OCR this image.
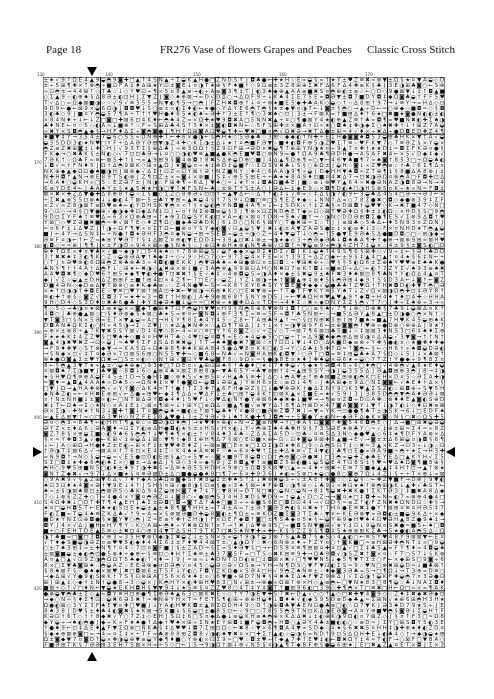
Page 18	FR276 Vase of flowers Grapes and Peaches Classic Cross Stitch
130	140	150	160	170
370
380
390
400
410
420
± ★ √ 9 ↑ Ω E 4 ▲ 9 ◒ ◓ 9 ◙ ✚ □ ▲ ↑ 4 S N ▲ ÷ Σ ◒ K ▲ H ● □ Z N D S Y J ◘ ♣ ● ← ✚ ★ H ☆ E ∞ ◒ § ≈ † ★ Y ± ♥ Z ≡ ✖ ≈ ⊗ ▼ ± Ω § ★ ¤ ▼ A ◒ ◇ D
± ÷ 5 ⊞ ¶ ✚ × ↑ ⊗ ◓ ÷ ■ ⊡ F A ‡ ♦ ∆ ⊞ ★ Y ⊡ ± ◙ E ↓ ¤ ◑ T ★ ⊕ § F ♦ ■ † ◇ 9 ⊡ ≡ ± 3 Z 8 ⊞ ⊕ Σ ✖ F ∆ 6 F ∆ 4 ✚ ≡ K § ♣ J 3 E ◑ ⊞ ♣ ◙ ○ ← S ⊗
∞ ⊡ ◓ ± → 4 4 ⊞ ↑ ◇ T ♣ ☆ ↓ ◇ Y ♥ ⊡ ÷ ¶ ∞ 5 ¤ 8 ▲ ≡ → ◐ ÷ A ≡ ◙ 3 ¶ ‡ T J ◐ 3 ♠ ◆ ⊕ ▲ A A ≡ ■ ✖ S ¤ ◓ ⊕ ◐ ± ≡ ☆ ← ○ D ◇ 9 ● ⊠ ▼ ↓ ‡ ↑ ◘ ▲ ■
◇ Σ ▲ 9 ☆ ◐ ⊕ ♠ § ∆ 8 Ə ± ◐ ⊡ H J Σ ▼ Z J ◙ ◇ ♠ ⊕ ⊠ → ∞ D √ D ∆ ○ → ∆ Ω F 9 ÷ ↓ K ♠ 4 Σ E 7 5 E ∞ ◘ Ə ▼ ± ◘ 7 ■ D Y ◘ ‡ ◆ Ω ◙ ♣ ◒ † F F 5 ♥
T √ ∆ ○ ≈ Ω ◆ ⊠ ■ ◑ ☆ ☆ √ 9 √ ≡ 3 5 5 ∞ N ▼ ◐ ¶ 5 → □ ◓ J F Z H ✖ ◘ ⊕ ↑ ↓ ¤ ÷ ⊗ ★ ■ E 5 ◆ ✚ ♣ A K ◇ ◒ ◇ ↑ ☆ ∆ 8 ⊞ ↑ 9 7 → ↓ ≡ Y → ∞ H ∆ ◇ ⊡
9 D 9 ← ● ← ⊠ 9 × ◒ 6 Ω ◑ J ◘ ◘ ♥ ↓ S ○ ≡ ± ∞ ◐ Σ ♦ ◐ ← ★ ● ◇ Y ∆ Y E 6 ◓ 7 ◓ § ★ ± ◆ ▼ ¤ ◑ 7 ← ↓ ◙ ± § ◓ ○ → ▲ ÷ D ← ≈ ○ ⊕ ◆ ◇ ■ ◘ ≈ ◇ § ◘
3 ◐ ♣ ◇ 9 J ■ ¤ Y ◓ ◒ 5 7 ¶ A ÷ T ↑ ↑ ♥ H ● ♦ 8 5 ★ ◐ ♠ ≈ Ə ✚ ↑ 3 ± E ↑ ¶ ○ 3 ✖ ♠ ○ ⊡ J 3 ± → F ⊠ K ∞ † ■ ⊞ ∆ ♦ ↑ 6 ★ □ ✖ ■ ★ ◙ ● N ◐ ◐ ± ◐
× 8 4 N ♦ ÷ ↓ ← ↓ Z □ ◙ □ ✚ ⊠ 6 ⊡ 4 K ♦ ← ◓ ♠ 4 Z ∞ × Ω ✚ ★ ♥ 9 ◘ ✖ A □ 5 N N ✖ ▲ ÷ ¤ ○ ¶ ● ⊠ Y 4 ★ ◐ ⊕ ▲ Z ≡ ↑ ♣ ∞ ◘ ¶ ∞ ♥ ■ N ✖ ◐ ✚ Σ ♠ ◑
♣ ♦ N E ← ¤ ☆ 5 ◇ ◐ A ∞ ↓ ■ ⊗ ↑ ☆ F ÷ S ⊞ ∆ ♣ 4 S ↑ 5 ♦ × ‡ ◙ ◐ ◘ ✖ N ← ☆ 5 F S ⊞ ✚ ± × ■ A † ⊡ ∞ ★ ○ ◘ ♠ ‡ ✚ ◑ ◆ Σ ○ ♠ ✖ ✚ † ↓ † ⊞ Z 7 A ◒
∞ ✖ Y × S ◘ ◓ ▲ ◆ § → H F ♦ ∆ Σ ÷ ◙ ◓ ◙ ● J ¶ H ↑ Ω ⊞ ◙ A ⊡ ♥ ◒ ¶ ✚ ← ♥ ✖ □ ■ ¤ ◓ √ Ω ✖ Ə → ✖ T ∆ ● ± ⊞ ≈ 4 √ ♦ × ÷ ✖ ∆ ÷ ● D ◘ E D ✚ Z 4 ¶
♦ ■ ▼ ‡ Y → 3 5 4 ± 7 ◒ 6 ○ S S ≈ D N ⊕ ✚ T ← ✚ 6 × ● ◑ ← § ◓ H ★ ◇ S Ə ◆ ♣ ☆ 3 ⊞ ☆ ◆ ◆ ◐ ↑ N ✚ ÷ E Σ H ● ◙ ◙ ♠ ◘ 5 3 ◒ ⊞ ♣ H K × ▼ † A √ ◒
◒ 5 S D D 3 ◐ ★ N ♥ □ Y F ÷ ∆ A Ə Y Ə ⊞ ▼ ◑ Z 4 ✚ ○ K Σ ◑ ± ∆ ↓ ★ † ¤ ◓ ■ F Ə ▼ ☆ ■ ♦ ◐ ◘ F ⊕ 5 ◑ Z ♥ Σ T ≡ ☆ ♥ F K ▼ 7 ◇ 7 ≡ Ə Z § × Y ◒ ×
◓ Z ≡ Z ✖ ⊞ ◙ ‡ ↓ ✚ ○ H J √ 9 3 T Σ § ⊕ ∆ ♣ J ∞ ⊗ 3 Ω Ω † § Z 9 ⊡ F ⊞ → Ə D ¤ ✖ ◒ ¶ 7 ⊕ ⊞ Y N ◑ ★ ¤ ÷ 9 ▲ 7 ¤ ✚ † ★ ★ D ‡ ≈ ◘ Σ F K Ə ¤ ● §
F K ◆ → ○ ✖ ♣ K § ± N ◐ ◇ √ 7 ⊡ ⊡ ♣ Ə → ↓ ¤ ○ ○ ◑ ◐ ♥ ≡ ▲ ■ ▲ ● K ◓ E ■ ♥ ◘ ○ ⊗ N 9 ≈ ● ↑ Ω A 9 ♣ ¶ Ə D H ● → A S A F ✖ 4 ← × 5 √ D ◆ ‡ ◆ √
7 Ə K ↑ ☆ Ω ♣ F ≈ ≡ ← ⊠ S ✚ ↑ § → ∞ ▲ 9 ⊞ 9 § ◙ 4 ⊗ ◘ † 8 ✖ S ∆ ⊕ ◒ D ⊕ ○ ■ J 4 ∆ ▲ ¶ Ω ⊕ ¶ ∞ ○ ▼ ← 4 6 ▼ ♣ ■ ¶ 7 ∞ ♠ ◙ † 8 5 3 □ ÷ Ω ◒ ♣ ◐
↓ ◘ √ ≈ † F N ♦ 5 J Ω † ∆ ◓ 9 ⊠ K ◇ ⊞ ¤ ▲ Ω J ★ ◙ ◒ ¤ ÷ ★ ‡ ⊗ D ‡ ◒ ■ F ☆ Σ ⊡ S 9 ✖ ♣ ↓ S § ○ ⊕ Ω ± J ◒ H ☆ ◙ ↓ ∞ Z ♥ ◓ ≡ ☆ † ♣ ☆ 6 Σ ¶ ∆ ¤
N K ⊕ ◆ ▲ ◆ Ω ⊡ ● ♠ ■ ◑ H J ⊠ ⊗ ◆ √ ∆ Σ † ⊡ Z ∞ ⊡ Y ⊠ † Ə † N Z ■ N Y ☆ ✚ 4 ○ 6 A A ◑ 9 ¶ ∞ ◒ J D ◆ H H ▼ ♠ ◘ ∞ Z T ⊕ ¶ ‡ § 8 ■ ∆ A 8 ⊗ J ‡
N ✚ H ◘ ↑ ▲ N → ⊗ E 8 9 T S ◐ ⊗ J Z ¶ ⊡ Z ± × ≈ ◙ ↓ × ⊗ ■ J S ‡ √ ⊕ 5 5 ⊞ E ÷ ÷ ♣ ★ ★ 8 4 9 ♦ ⊡ ■ ¤ 4 ✖ ∆ 7 → ⊡ ✖ ◑ Ə Ω ¤ ⊗ ◓ A □ F ◘ ✚ ⊡ ∆
→ 6 A ♦ ○ ◒ K H ∞ □ 5 ☆ E Z Ə 7 ± J N ◑ ☆ F ⊞ ✚ ¶ ÷ 6 ∆ J ▼ ♠ ○ ≈ ↓ ★ ↑ × ↓ ◘ ♣ Ω ■ ♣ E J ■ ☆ ≡ ↓ ⊗ ♥ Y ▲ 6 4 ∞ ✖ ● Ə N A Z ◑ ◘ 8 Ə → N → 4
6 ≡ Y D E 4 ← J ♣ A ♠ Y ± § ★ ▲ 5 ✖ ★ H ◑ □ ▼ ↑ ✖ F S N ← ♣ ☆ ± ⊗ T Y S ± A ○ J Ə ∆ ← ‡ ◆ E 9 ◇ × ◘ ¶ D ◐ ♠ □ ◑ H S ⊗ 5 ¤ K ÷ ★ ∞ N ≈ F ◘ ‡
⊠ × ✖ × ✚ Z ∆ ▼ ● ✚ ∆ 8 ⊕ 8 † ◒ ☆ Σ § ■ ◇ Σ Z ○ 8 ⊕ Ə ↓ ⊡ ⊡ Y ÷ ▲ ▼ ∆ ← ☆ ∆ ↑ ↑ ◐ ‡ ↓ √ ≡ ∞ ☆ ‡ ∆ § ◑ 7 ◐ 9 ← 3 ◒ ♣ ∆ 4 S 4 □ Ə → → Ə 3 ← ×
÷ Σ ✖ ▲ ⊗ 5 S ⊡ ⊗ ♠ ↓ ↓ ● ◐ 4 T ⊠ ← 5 ± ♣ Y ▼ ⊞ ∞ ▲ ✖ ◒ 4 § ↑ 7 S 9 ↓ Ω ■ □ ≡ □ S ¶ E Z ♦ ◆ ☆ ↓ N N ↑ ∆ ∞ ◇ 7 8 Σ ● ✖ ○ ◘ ◇ ◆ ● ⊗ 3 9 ‡ Σ F
¤ Z √ ∞ Z 8 ◑ ⊠ T ≡ D ♥ ≡ ♠ ← ◐ Y D H S K ▼ ◓ × ∞ ↑ § ¤ ◒ ◐ ◓ Y N ◘ ■ 4 A ¶ × ↓ ← ‡ S D K √ † ‡ Z ♣ § × D ⊠ ◘ † ◒ ♥ ▼ ◇ K → ✖ T ■ 4 7 ◇ N □
9 ○ ⊡ ◇ → 4 § □ ▼ ● ⊕ √ ● ◑ ◆ ✚ ⊡ ◆ ∆ N ‡ ⊡ J ← ¤ † N Σ ⊗ ◘ ≡ ◒ § 3 J ¶ ⊗ × ⊡ Z N D ◓ E T ◆ ∞ ⊡ ◇ ⊠ T ♥ Ə ✚ Ω § ✚ ± ‡ ◐ Ω ☆ ¤ H D § S □ 9 ◓
9 D ⊡ Σ Y F ♠ † ≡ ♥ ∆ ≈ 6 3 × Ω ⊗ ♣ ⊞ ≈ ↑ ★ ⊕ 3 Ω ◒ S Y K ◐ ⊡ × A ← ◐ × ⊠ ¤ † D 8 → 9 ♠ √ ■ Y → ☆ ◑ N ◇ D D Ə ⊞ ◘ Σ ● ¶ E S √ Σ ⊗ 9 ∆ ◘ † ♥
Y ⊠ □ ◇ ♥ Z Ə ■ ✖ ■ ◓ ≈ ✚ √ ⊠ ↑ E ◇ ♦ Z ¶ Ω ○ ■ ◆ ♣ Ə ♣ D K J 6 ↓ D ○ □ N 6 § ⊠ Y ○ T ● ✖ ⊞ ≈ Σ ☆ T J J ≡ ⊠ ♣ ◇ 5 ♣ ∆ ← ♦ 5 N 8 3 ¤ Z Ω N J
≈ ¤ 6 F ‡ ↓ ∆ ♥ Z J ↑ ◑ ÷ Ω F ¶ ▼ ∞ ¤ Σ T Ω ← ■ ⊗ ¤ Y S Y ◆ ◐ ◙ √ ⊡ ▲ ◒ § ▼ J ✖ ↓ ◐ ± A ▼ Z A Ə S ● ± ‡ × ◐ ≡ ♦ ↓ 3 ◇ F × ¤ N H D ★ T ◓ ▲ ◒
■ J ← 4 Y → ∆ S N ‡ ≈ ÷ N ● † ◘ ★ Ə H F 3 ◓ ¤ ◆ N ◒ → ⊞ → 5 E ◘ ≈ ◒ ± ÷ ◑ ◇ Z ÷ 4 ♦ ▼ ◒ T ↓ ◇ ◓ ∞ † 5 ● ▼ E 9 Ə ♠ S ∆ ● ■ D ◘ ○ □ ☆ ⊞ ◑ ◆ ≈
Ə ≡ F ¤ ◑ ← ↑ ← Z ≈ ♠ ⊕ Y ♥ Ə T ↑ § ‡ ∆ ⊠ Z ¤ ⊕ ◐ ▼ E Ω D ‡ → 3 9 ▲ ⊡ ✖ ↓ ⊗ ± → ◑ ★ ◆ ◇ 3 ÷ ◓ Ə ◆ Ə ♣ ↓ ◘ ♠ ♣ A ¶ ✚ † ◆ ⊕ → ⊠ ⊗ 9 ⊞ ≈ ⊠ H ♥
◐ ◘ ◇ ≈ ≈ ⊕ J ¶ ¶ J × ± F ◑ D ∞ 9 4 × ⊠ ∞ ● § N ♠ § ☆ J ⊕ ⊡ ♦ ⊕ H ★ ⊗ ◐ N ¶ ♣ ⊕ √ ⊡ ◘ ↑ ≈ ▼ ◒ ≡ 9 ÷ ◓ ◑ 4 Z H 7 ‡ ◒ ¤ ☆ 4 ± 9 § ± ◙ S ◐ □ D
⊕ ♦ T Ω E ∞ ♦ ¤ ▼ ♣ × √ ■ ≈ ◆ ◑ Y □ 5 4 ★ ♠ ◇ † 7 8 ⊗ ⊞ ◒ S √ ◒ F ◆ ◆ × ◒ 9 Σ ♦ D Σ √ ◘ J K ↓ ◒ ♠ ↑ 4 9 S ¶ 6 § ⊠ ✚ ◇ √ 9 ÷ ‡ ← § Ə ↑ ♣ D D
3 ↑ ✖ ✖ ♠ ‡ 3 ◐ ¶ K ○ Z ☆ ◒ ⊗ Ə A ▼ † ♠ ◆ ‡ ÷ ◇ √ 9 ☆ H ○ 7 ◇ ← 9 7 3 ◒ 4 × F E ∞ × † 3 9 Σ ÷ ∆ Z ○ ◆ ← ± 9 § ‡ ▲ 4 □ ▲ ↑ ¤ 4 ★ § 6 ‡ N ← ÷
○ T J ¤ Ə ♥ ⊗ ◐ 6 Ω ⊞ ◓ Z ⊗ ♣ ⊗ ♣ 3 ∞ 4 ◘ ◐ ■ E K K J ◓ ▼ Ə ♣ ♠ ∞ ♠ ⊞ ● ⊠ ⊡ ¤ ± ⊡ ◘ ☆ ÷ ▼ ⊞ ✖ ⊕ ÷ ☆ ♥ § § 5 ◐ Ω 6 ± Z ⊕ ♠ Y ♥ ♥ ≡ E ♠ ♠ K ●
♣ N § ¶ † † 4 A † ∆ ◓ F ↓ ☆ ⊞ ★ ← ✖ ◑ ◇ ▲ ✖ ⊕ × ⊗ ↓ ■ √ 3 A ◓ ⊗ ▲ 9 9 ⊠ ⊡ ∆ H ○ N ✖ ⊡ 7 ≡ K ↑ ◘ ↓ ∞ ■ ≡ D ÷ ∆ ○ ← ◐ ↑ 7 Z Y Σ √ ♠ 9 3 ≡ ♠ ✖
A A ♥ ◘ ✖ ¶ ◇ ◆ D ♥ 6 ↑ ⊞ 5 ★ ◆ ¶ ▼ ◐ ✚ ● T ⊡ ✖ ✖ ↑ § E √ ♠ ‡ ☆ 4 ⊗ ◘ ◒ S ∞ ◑ A ♦ × ◆ ± § ✖ ◒ 9 ± ♠ F ✖ 3 ♦ ♠ ⊠ ⊡ 8 ¶ ♣ N ↑ Y ◐ Ω ∆ 4 ▲ ¤ T
◆ J √ Σ ☆ ◒ ▲ ± D H ∆ Z ⊞ ⊞ F ± ■ ↑ ⊞ 4 ⊡ × 4 Z ¶ ← 7 □ E ○ ☆ ◒ Z J Y Z ↓ ⊠ ◑ ÷ ★ † ◙ ◙ ▲ ⊕ ‡ ⊗ ♦ 5 § ◓ Ə ⊞ 4 ◆ 9 ↑ S § D 3 A ← ↓ ◙ ↑ ← ◙ Z
D ■ 4 Ə N ◇ ◆ D ≡ ∆ ▼ T ⊠ ⊗ ○ ≡ ♦ K ◆ ♣ ≡ ☆ ☆ Z 4 N ● ♥ ← S ≈ → K 8 ↑ K Y 8 ♠ S Y Y ◘ E ◙ ✚ ◆ ◆ √ ◒ ● ♣ ♣ ↑ Z ♥ Ω † T H ✖ ◘ D ◐ ✚ ▼ T ◓ □ Ə
× ★ ↑ ⊡ ◑ ◑ † ✚ ◘ E E ☆ ▼ ≡ □ ♥ Y ⊠ ↑ ⊞ A ⊡ ✚ ✖ ← ♥ ⊠ ◑ → 6 ⊕ ♦ K ○ □ E ✖ ▼ ⊗ ∞ ← ↑ T ● † F ▼ K Y ≡ 5 Y ♠ 7 ↓ Z √ Ω × ⊠ ◑ Ω ◓ ✚ ⊡ ‡ Ə Y 8 ↑
≡ ◐ ✚ ↑ ⊗ § ☆ ◙ Z √ Σ ◘ 3 7 ∞ ★ ✚ ∞ 3 ÷ ◘ † † H ⊠ ◐ J A ✚ 9 ⊗ ⊠ 6 8 ↑ § N Y ⊕ D 5 J ÷ ← ♥ ♣ Ω H ≡ ♥ ▲ ♥ ▲ 9 ↑ ◆ ◘ ÷ H 4 ♦ † ♦ ⊡ A ✚ ☆ H H A
9 H ○ D 4 ◇ S 3 D ♦ ¤ ✖ ♣ 6 ● ♣ J ✚ Y 8 ◆ Ə ♠ ■ ↓ ◒ ≈ ≈ □ ✖ ⊕ ÷ ★ ■ ✚ ⊡ ∆ ∞ T D ≈ → 4 ♦ Σ ☆ ✖ ∞ ◆ D N Y Σ Z § ◓ √ T 7 ○ J ✚ ÷ Σ ♠ ⊗ ÷ 3 → ∞
¶ ◇ 5 ◇ → ♣ ◑ ¤ ★ ⊠ Σ ≡ ★ ◒ × ∞ ◙ ◆ T ● ⊞ ♦ T ⊡ F ◓ ◒ H ▼ ♥ × H 9 § N ◓ 6 ⊕ 6 ▼ ⊗ N ‡ ◘ ↑ □ ○ ≡ § ♠ √ 7 ¶ ↓ ⊗ ○ D ⊗ ✖ § 7 ♣ 9 ↓ ◒ ⊠ ∆ ¤ K ↑
4 ◘ ○ J ♣ ⊕ ● ▲ ⊠ ◇ □ § ♦ Ə ⊗ ◆ § ★ ⊠ ○ ♣ ★ S ∞ ⊕ ¤ ← ◙ N ◘ ↓ ⊕ F 3 ¶ Σ ≈ ≡ ∞ 5 F ≈ ◘ ↑ ♣ S N ⊞ ← ☆ → ■ 5 ∆ Ə Y ▲ 8 ▲ □ ± D ◑ ● ○ ◓ × N † ☆
▼ T ◙ 3 □ § N × 5 Ə ∞ E T × ▼ ▲ ◒ ≈ A □ → H § Y ¶ 8 Σ ♠ 4 Y 4 5 ☆ Z 8 ← T A ⊞ ♣ 9 ▲ ↑ → ○ § ⊡ N ⊞ ✖ 3 ⊞ † ⊞ 7 ■ ♠ ≈ ■ ▲ 7 H ♥ K 4 5 ◒ ⊞ ♠ K
D ◘ A N ♠ Ω K Σ ◐ ○ H ÷ 4 5 ◑ → Σ ☆ Z ▼ J ☆ ★ ∆ ▲ ✖ N ✚ × ☆ ▲ Ω ¶ T ⊞ ∆ J ‡ † ↓ × † ≈ ◑ ▼ ⊞ 9 F 6 ← ± ⊕ ◙ ◙ ◓ ↑ ♥ ⊗ ∞ ● D ⊗ ○ ⊗ ⊕ ∆ J 9 ★ 7
≈ ⊕ × ± ⊗ 8 ÷ ▲ 7 K ▼ ✖ 5 § Y ⊠ √ D ‡ 6 ▼ ◇ 8 ← 4 ≈ ¤ ○ ≡ □ Y ↑ 6 8 ◙ Z ◇ √ ÷ Z √ ◇ T → ⊠ 7 ¶ 6 ⊠ ⊡ ♣ 5 ■ ↓ ☆ ‡ ⊠ ⊠ 3 ♦ N S 3 □ 6 ‡ ♠ ♦ Σ ⊕
F ★ ★ ♠ K ‡ 4 Z Z ♥ § □ ♥ ♠ ✚ ◇ ■ 4 ¤ H ♥ H T ♣ ◇ 4 ♥ ⊡ ◒ ¤ ◘ ¶ ∞ E ◇ ★ 4 ◒ ◆ 5 ○ □ ◒ ÷ ↑ ∞ ∆ 9 ◙ ♠ ◆ ◓ ⊞ ∆ ⊞ 8 ◑ ¤ ∆ A ◒ √ 3 ▼ ◙ → ↑ ↑ N ↑
◙ ▲ 4 ◑ ✖ ♥ ✖ Z → ⊡ ∞ ◒ J ≈ ♠ ♥ § Σ F ‡ S ∆ 8 ✖ ✖ ◒ J ↑ T → ♠ ♠ ◙ ● ✖ 7 ◙ ⊠ ☆ × 7 ⊡ ⊡ ↓ ▼ ↓ 4 D ○ ∆ A ■ D ◆ ≡ ⊗ ÷ Y ✚ § ● ◐ ¤ ◇ ★ ■ ✚ ♦ ✚ ◆
→ F 9 ♦ ✚ ▼ ◇ S T ⊗ ◆ ▼ → ≈ K A 5 Ω ÷ ⊡ ♠ ⊕ 8 ¶ ✚ ♠ K ⊞ A 8 4 5 ● ∆ ♥ 8 ¤ K K □ ◐ 3 → Y ○ ∆ ♣ ‡ 5 ✚ ↑ Ω ≈ ↑ ◙ ◓ ← § ← ◇ H 6 † ∞ ♠ ◘ ◒ D Ə ◐
→ § N ◆ × ⊡ √ ‡ T ¤ ◆ Ə × 7 ⊡ ⊠ S 6 ⊞ ○ N S 5 ▼ ✚ ≈ ◇ ■ 6 8 ≈ N ♣ √ ∞ N ◙ H A ⊞ K ◐ ◘ ▼ ☆ ○ Ə T □ ◘ ∞ ≡ ‡ ⊞ ◒ ♣ ★ A 7 § Ω ◇ ↓ 5 J ↓ × ♣ ⊠ ↑
⊗ ♠ ● Ω ◙ ▲ Σ ± ♥ Y Ω ✖ → □ S ± ∞ ◐ ◇ ◇ N † ⊞ √ ◙ ⊡ Y ♥ ♣ ◒ ◙ F 8 ◇ 9 Ω ∞ ≈ § ● ◑ 8 E ¤ ★ ♦ J ✚ ♠ ◒ × Ə 6 ★ ÷ ◒ ○ 7 T Z † Y ● ◆ ÷ 9 ¶ 8 Σ ¤
8 ← § ◓ ▲ 3 ▼ T ★ ÷ ▲ ± ○ ◒ ♠ ⊕ ◆ □ 9 3 ✚ □ 7 Ω E ¤ √ ▲ ⊞ ⊡ ⊞ ♠ § † ♣ ● ♦ □ ★ ↓ 7 ♦ ✚ ◒ √ § ◆ ★ § Ə ◘ 4 5 ÷ 6 □ ♦ ◓ □ √ 4 ⊗ ◓ √ ▲ 6 ★ E ♦ ◒
¤ ⊠ ◘ ♠ 7 Σ ◑ ■ ▼ J ♣ ♥ ◙ ☆ 8 ◘ ↓ 6 ◇ ▲ ⊗ 4 ♣ ¤ ⊠ Σ 8 ⊞ 8 ◑ ← ▼ ♣ 6 5 Y → ♣ ▼ ⊗ ⊞ † ‡ → ▲ ⊞ 9 S Y → ◑ J ◒ 3 S 5 ∆ J Ə ▲ ◘ ⊞ ⊕ 3 ◓ J 8 → ‡ ◑
★ § H ♥ Ω ¶ ≡ ⊕ A ◒ F 4 S ± † D → S ● H ‡ ■ ☆ ⊗ ♦ S √ ★ ⊞ 5 ¤ √ H ▲ ♣ § ≡ ✚ J ∆ ○ ↓ ◓ A ♥ ± ↑ ⊕ ♣ ⊠ ■ Z ⊞ ⊗ ◐ ◓ K □ E H × D ¤ 5 ☆ Ə Σ A ✚ ◑
≈ ◙ ♦ ≈ ▲ ◘ ▲ 4 A A ♠ ∞ D ♠ 5 ◇ → Ω N ♦ ‡ × ▼ ↑ ● ◙ Ω ← ◒ ◘ ↓ Ə ⊞ ▲ J Y ⊗ H 6 ¤ ± ☆ ≡ Ω ↓ 4 ¶ ☆ J ♠ A ⊞ ◆ ¤ 9 ∆ ○ N Σ ◙ ◙ ← √ ♠ E ♦ † ∆ × §
□ ▼ J Ω → ▲ H A ✚ ⊗ ◓ √ ∞ Y Y ◙ ◇ ∆ K 4 × T † ● † T Σ 3 ✚ 7 ▲ 6 F H ◆ Ə Z § □ ↓ ● ♥ ⊗ Ə K † ● ∆ Σ 6 Y 9 □ K 3 ♥ ▲ Σ S Z ◐ ☆ ⊞ ◘ ⊕ ÷ S ▼ 5 H
◆ N ♣ Z ◐ ≈ ← ¤ H ✖ E ⊗ ⊞ √ ← ∆ ● ∞ ⊞ ♥ ← ◆ ‡ ¶ ∆ ∆ ÷ ♥ ∆ F Σ ± ♣ □ ⊞ ↑ ◒ 4 K † ⊡ ⊠ K ▲ × Σ ■ E ≈ ★ √ 5 9 J 3 J 3 8 5 D ◓ ◓ ▼ ◓ A ♦ Ə Ə ↓ ⊠
¤ † N ± N H ■ ↓ ± ◙ ∞ ◐ ← □ N T ⊠ ∆ Ə Y ◘ ◆ 4 ♦ ↓ 5 ♥ F ↓ ◇ ♥ ∆ ◐ N Y ● Y ⊕ ⊠ 6 ♠ ◆ ✖ ◆ ↓ ■ ♥ → → ¶ ≡ ¤ Z ◘ ÷ D ⊡ A ✚ ☆ ⊗ ♦ ♦ E ▲ ◙ ◐ S ⊕ D
✖ ‡ T ← Ω ♠ → Σ ◇ ★ N ◇ × A ‡ E ‡ ○ ⊠ × ¶ ⊠ ≈ ↓ † ⊞ Y □ ≡ Ω ∆ ☆ ■ ▲ ¶ ■ √ ≡ ▼ Y ∆ ↑ 8 ¶ ∆ H ⊠ D × 4 7 ◙ A ◙ ◙ Y ↓ ▼ ↑ ↓ ◑ 7 ◐ ↓ ◇ ♦ ⊡ ✖ ≡ ⊠
Ə × Σ ◑ ☆ ✚ N ★ † N 3 ↓ ◙ ✚ ↑ ◙ ↓ T ¤ ◙ ◓ ◒ ♠ ÷ ■ ◐ ± ↑ ⊠ ↑ ◒ ♣ ♦ Y ¤ ● 8 ○ ■ Ə ⊗ Z ◘ 7 ✖ J ∞ ▼ ≈ Y K → ⊡ ● ● ¶ ♣ T ± ◑ S K → 6 ↓ □ E D F ♠
∞ ▲ E ∆ ⊞ ▼ † ∞ ○ □ A 3 ♥ H ◇ N Z F E Σ 8 ▲ ♥ ● ↓ 3 ± Z 9 Ə √ 9 ↓ ♠ ↑ K ● ✚ ¶ 3 ◘ ◓ → ÷ 5 ◙ ● Y ± ◐ N ← ◆ Ə F ∆ ◆ K × ◙ ☆ N § ○ ✖ ◇ Ω S ✚ 5
Ə ¤ ◇ ◓ 3 ≈ 8 ♣ ¶ ← ◐ H H T ¶ ▲ ⊕ ☆ ∞ ◘ Ə ◑ Ω ♦ ◓ J → ★ ♥ ✚ × ⊕ ◐ ÷ N → Z ◙ ≡ N ♥ → Y □ ✚ A § ⊡ ◙ ◙ ↑ ✚ ◙ 5 4 6 ◘ ◓ E ◇ J ∆ → ■ □ ⊞ ✖ ◒ Ə ◒
Ə Y Z × ± ♦ ∆ 6 ☆ Ə A ◙ ♦ → ⊡ Σ Y ◐ ≡ ∆ H ● ◘ ◐ ★ § ± ¤ H S √ H × ◐ ↓ Y √ ◓ ⊕ Σ ♠ 4 ♣ ✚ H 9 § 7 3 S Ə E ★ ⊗ ♣ Y ○ ≈ √ ‡ ⊕ ± ⊞ ≈ Σ 4 ≈ ∞ 8 Z
◙ Z 7 8 § × ⊕ ◒ Σ ■ ◇ ◐ 9 ♠ 6 § ◓ ◓ ↑ ↓ ♥ ¶ ♠ ¶ × ◐ ± † √ 8 4 ♦ 3 4 ♣ ☆ Z ∆ A Σ A 5 D ☆ ⊡ ♣ ☆ ¤ ≡ 5 ∆ 3 N ◇ ◆ ● ♥ ▲ ◇ 6 ‡ ★ ¶ D F Y A ⊗ × ∆
§ ∞ ≈ Y ✚ ◘ 3 ▲ √ ● ← K ⊞ √ ‡ ⊕ ◒ ∆ ↓ ⊠ ☆ ▼ ¶ † ◆ 8 ‡ ⊕ H ¶ ∆ 7 § ⊠ ○ E ⊡ ■ × ⊕ ← ⊡ ☆ ⊡ ♦ ◙ ◒ 9 ⊠ ✚ 8 ▲ ■ → E √ → ◙ ± ± ∆ 6 ⊞ ◒ ¤ ◑ ◘ § 6 ¶
↓ ← J A ◇ ⊞ Ω → H ● ♦ Z ± E ◐ ÷ ⊞ × F ‡ ± ▼ ♥ ✚ E ♦ Z J ← ⊠ ≡ ◙ □ E ¤ ★ □ Σ Ω Σ ◑ D ★ ✚ 6 □ 9 ◇ ∆ ◓ S ⊡ 7 ‡ ◇ ✖ ≈ 3 ▲ × K Z → ⊡ 3 ÷ ↓ ◑ ☆ ⊡
† Ə ◑ T ‡ ⊠ 6 ∆ √ → ⊠ A ¤ ↑ 7 6 ⊡ × E 4 ‡ Σ ☆ K 4 ♠ ★ A ≡ ✖ F ☆ ♠ ∞ 6 ¤ ✚ ♥ † Σ ± ✚ ∆ ♦ ≡ √ Σ 4 ▼ ◐ J ♣ ¶ ⊡ E ● ∞ Ə A 9 ■ ÷ ◓ ÷ ★ Σ → H 3 ✚
∞ N 9 ◘ ↑ → N ◇ § ◒ → ◒ ≈ √ E 5 ● ⊡ D ◐ E ⊞ § ▲ ○ ∞ 5 ▼ ∞ ☆ ◙ × ■ 9 T 8 ◒ ◘ ○ Ω † ◓ ⊕ ◙ ○ Ə ● ✖ J □ 3 ◓ ∞ ◒ ✚ Z ◆ ♣ E Y E ∆ □ ▲ K Y H √ Σ 5
S Σ □ ◘ ‡ ★ ✚ ◆ 6 ◓ ◐ ♠ Σ ∞ ○ ■ ± → ∆ ◆ ∆ J § Ə ◇ 3 4 ∞ ◆ § 9 J Z 8 ◘ ▲ ▼ ↑ ≡ ■ ◘ Z 5 ⊞ ◐ ■ ↓ ◒ S ◒ E 4 T ⊡ 8 S ‡ § ♥ ≈ ♥ ∆ ♠ Ω ◙ ¶ ■ 8 ⊕ §
◓ H ○ 9 ♥ 5 ⊞ ■ N 5 □ ◐ ♦ ± ♦ 9 † ◑ ✚ ✖ § ∞ ∆ ≡ ★ Ə 5 S H D H × 9 ⊕ ○ 5 Ω ◘ 9 K 8 ♥ ○ ▲ ∞ ≈ 4 ♦ ÷ ⊞ ✖ ÷ E ≡ 7 5 ■ ◆ ▲ ▲ ‡ 4 H ↑ ⊡ → ▲ † ⊗ ★
◙ N † Z ◆ ✖ √ → 9 7 ↓ ∆ × ■ ★ § ¤ ≡ Ə ⊠ D ± ∆ ○ ■ ● ◒ ● ♠ 8 □ ¶ 7 ← 6 ¤ ✚ 9 3 6 J ★ ◐ ∞ 5 ⊗ □ ★ ◒ ○ ● 8 ○ ◙ ⊕ 7 Ω ↓ 4 Z J § ÷ ÷ T × ⊕ ↓ ∞ ⊠
○ 9 A ✖ 9 √ § ▲ Z ⊞ ▼ 6 ∆ √ 7 ♦ Y ◆ A S ♣ Ω ≡ ◙ ◆ S F ✖ 8 ◒ Σ ± ✚ ♠ S ↑ Σ ↓ ✖ ⊗ ✖ ◒ S ÷ √ ± A E ↑ ✚ ◙ ☆ ◇ Σ ◒ § ☆ ← ✚ Z ▼ ■ F → D ⊗ J 9 ▼ ◐
♠ ⊡ 3 ⊡ ♦ ★ 4 ◙ × Ə † ▼ 9 E ↓ 4 ↑ J S H § ¤ ⊞ √ ● 8 ◑ § ⊡ ≡ § ● ∞ 3 ♠ § ⊠ ← ♦ F ⊕ ◘ ☆ ◑ ¶ ⊕ ◇ ↓ ♣ 9 ↓ ∞ ✖ ⊡ ★ ♠ ↑ ⊗ ◓ ⊞ ◑ K ↓ ▲ ✚ √ ♣ S T ←
♠ ≈ ± § ◑ ⊠ ♠ ⊠ ⊡ ± ◓ ⊠ Ə S ◇ ♣ K ∆ 9 4 Z ◒ ⊞ H ◙ 7 ♦ 7 ‡ 7 ○ ▼ 8 H ∞ D T N □ ✖ ○ ◒ N ○ ◒ N → 8 ‡ ¶ ◒ ✖ ✚ ✖ K ● † Σ K T Ə 3 J ‡ ■ ✖ A 8 ∆ ◆
7 ◇ ↓ ⊗ 6 Z Z ✚ ◇ T ≈ 4 ● 4 × Y ◙ ¤ ◓ Ə Z ¤ ↓ ◙ 8 ○ √ ● ⊠ ◓ S 3 4 H 3 ✖ D § ♥ D 9 ≈ † ◒ ▲ √ D ○ Z → → ◙ ¤ ★ □ ‡ ◘ ✚ ≈ N ≈ ◐ 7 ∞ ⊗ ⊕ 4 ● 4 □
S 4 Ω ✚ ✖ ↓ □ D T ✚ T ¶ 4 ▲ E H J ♠ Σ ± Ə ◘ □ ◘ → ◙ T ∆ ↑ ♣ ♠ □ ■ 3 ÷ ÷ ⊕ ■ S 6 E □ ◘ D ⊡ 4 4 → √ ⊡ D § ≈ ≡ Z ↑ ◐ F Z N ✖ ♠ Ω N D ⊡ ☆ ✚ § →
★ ¤ □ ◒ H ◘ 5 T ← E ♠ ★ ◐ S ⊡ E ★ ◒ ± ▲ ± ♠ 8 ¶ ◙ ¶ H H ± ∞ 7 4 ± A ≈ † ± Ə ↑ ◙ Ə 3 ◓ ◐ § ¤ ✖ ★ † 7 H ¤ ● E ≡ ✖ ‡ ● Y ↑ ⊠ ⊞ ¤ ≡ ¤ H Ə 5 ‡ 7
F ◐ Σ ■ ∞ T ◒ 4 ♠ ≡ Z K ∆ ♣ √ ↑ 9 ∞ A ∞ × § ⊗ ⊠ Ə ■ D ✚ ◒ 8 ◙ ◐ ± ¶ Ω ± ∞ ≡ K D Z ■ Σ ◙ 3 T Σ ♣ ☆ ▼ ¤ ← K E Ə ⊗ ▼ ≈ Ə ◘ ◐ ± ■ ◒ 9 K ∆ ÷ × ◆
■ D ★ Y N Σ ⊡ ⊕ ◘ ● § ★ ◙ Y ▼ ○ ◓ J Z ≈ E ≡ Y ✚ † Z H ◑ J F ¤ ⊡ E F ◆ ◘ ↑ ◙ □ ± ¶ S ♣ ◆ ¤ 5 ★ § ← ◒ Y ⊕ 9 ◆ H ♥ ♠ 4 ⊡ ♥ Ə H ▲ 8 Z ● 9 ♠ ‡ →
◘ Y J 4 × √ ∆ J ■ H ≡ H Y ¶ Y ☆ K ○ A ⊞ ← ◓ ♦ ÷ Y ✖ ⊗ Ω N ↑ ¤ ↑ → ↑ ✖ J ∆ ♥ ⊗ 9 5 □ ÷ ■ ◘ S N ▼ ■ ⊞ √ ★ Y ‡ ⊡ ↓ 9 ◒ N ¤ S ✖ ● ≈ ■ S ← ♠ □ ◘
■ ÷ ○ F E H T D E ▲ 5 ≡ ◇ ± ✖ ⊡ 4 ○ ⊕ ‡ 4 ▼ T ∆ S H 7 9 T K 7 □ ✖ 5 ♠ N ▼ ✚ ∞ ✚ ← K § 5 Z Σ 9 § ¶ ◘ ‡ 5 ★ ⊕ ⊗ ⊞ K Σ ♣ → 5 ★ ● ◐ A ◓ S ∆ ☆ Ω
◑ † ♣ ■ ≈ □ ◙ □ 3 ◘ √ ⊕ 3 ≈ 3 5 H ▼ ⊗ D ◆ ◑ Σ ✖ ◒ Z ↓ ± S N × S ∞ ◒ ↑ 9 ◑ ↑ ◒ 3 ⊗ 7 S ▲ ♣ ◘ 7 § ◆ S ◇ 4 ▲ ◐ ○ ← ≡ S Y ♥ 4 8 Y 9 ⊠ ⊠ ▼ ← E ¤
√ T ♦ ◆ S ■ ◒ ◑ Ə Z ¤ ≡ ♥ ▼ 5 ◐ ◆ ♦ 4 4 Σ 6 ‡ ± F ♦ ♥ 4 4 ⊠ T ± ○ ▲ ◑ Ω Y ☆ ✖ ◇ 6 N ⊗ ¤ ♦ ÷ F Z Y ¤ ○ † ◙ K ■ □ ≈ ≡ H ⊠ Ə ✚ ◓ N T ‡ ∞ □ 9 ◒
○ ± 7 ♠ 3 ⊞ ‡ ≈ ± ✚ N ¶ ↑ ¤ 4 ☆ 7 ⊡ ¤ ◙ F ■ J § ± Z A D → § Σ ∞ S ♦ Ə ▼ § □ → ← D S 8 ¤ ≡ ¶ ⊞ ⊠ ¤ ✚ ¤ ⊡ ▲ √ □ Σ ‡ ♣ 5 ▲ ∞ F Y ¶ ♦ ∞ 4 ◘ ◒ ♠
± ⊠ ◙ ■ ◒ ± ◆ ◐ ◓ ⊡ ● 5 ⊗ ♦ ÷ ◆ ⊕ ← § ≡ ⊡ ○ ♦ H ↑ Σ ♠ ≡ ± ♣ 3 7 ◙ 5 F ∞ □ T S ◇ ✖ K ⊞ ≡ 9 ✚ → Ω ♣ 9 ◘ √ ◑ S Z ✖ ↑ ◙ × ¤ ☆ F T ○ 5 7 ↓ § K ⊗
A ¤ ▲ □ ▲ √ ⊡ 9 Z ◑ ◓ Ω Ω T 5 ♠ ◆ ◐ ↑ × ♦ → J 9 J ≈ ≡ ∞ ↓ ♠ D N T D D ◐ ≡ □ ‡ ◘ ⊠ × ✖ √ □ ¶ ♥ ♥ N 5 ↓ ◆ 5 ¶ ▼ T Σ ± ○ F ← × ◆ ⊞ S □ 9 ◙ ÷ 6
8 × □ Σ ▼ ♣ ◙ ⊞ ♠ ☆ ◓ ◒ A Z ☆ E E Ə ⊗ ◆ ¤ D Ə ◓ √ ¤ 4 5 ◇ ◒ Ə ◇ Ə √ Ω S ≡ → Y H → N ¶ D S ○ ▼ F ▼ ⊡ ◐ Σ S ≈ 9 ☆ ♥ N □ ⊗ ✖ ⊞ ◒ D ≈ ↓ ■ ♣ ⊠ ↑
§ 8 ♠ ⊠ F § ☆ ● ♠ ◆ × ⊠ ♥ J ✖ □ ◘ ⊠ 6 ± T 5 F ↓ Y ◐ ○ F ◘ Y Z K Ω ● × S Ə 4 □ H √ 9 ◓ Z ♠ N ≡ ± ☆ ♦ ◆ ◙ 3 Ə ♣ ≈ S → □ ¶ Ω ↓ → T 3 ⊕ ∞ D ≡ ○
→ ◆ ∆ ⊞ √ Y ● 9 ◐ S ⊗ K † 7 S § ⊡ ⊗ ⊞ A □ 5 6 × 6 ★ ♠ ‡ ∞ ○ 6 ▼ ■ ÷ ⊞ D 7 N ♦ § 4 ✖ ♠ Σ ∆ ♠ F ▼ Z 9 ⊗ ∆ J √ Σ ∆ ◑ ↑ ◒ K F ✚ ◒ ◓ 7 ¤ 3 Ə ● ⊡
⊞ J ⊞ ▲ ‡ ◇ ◆ † ‡ N † ◒ ● 8 → 3 ◇ ◒ × J K ◓ H Y × ◐ ✚ ⊞ H ♥ 8 3 □ N √ ⊞ ± → ⊗ ● ∞ Ω ⊠ ↑ ⊗ × H ◇ ▲ ≡ ◓ ← □ ▼ N ★ 8 3 □ 8 ¶ ◒ ☆ ♣ ↓ N A Σ ◘ ♦
■ ⊠ ÷ ◇ ↑ √ □ ♦ N ← ▼ ◒ ★ E K H ◘ H § ▼ ▼ 9 ‡ ↓ ★ S ≡ § ¤ Z Z ♥ 8 ○ 4 T ‡ Y ‡ ◙ T ↑ ■ ⊞ 9 6 ◐ □ 3 9 ◇ ✚ ¶ ◓ × T □ ≡ ✖ □ H ← Ω □ ≈ × ∞ ¶ A K
● ⊗ ◒ ▼ ◓ ♣ ± Σ ◇ ▲ ≈ ◘ Y ≡ H ⊡ ⊕ ● ¶ Σ ⊕ Ə ♠ ▲ 6 3 ○ ⊠ K ✖ E ☆ ◇ ↑ Y 7 ◑ E ▼ ✚ 5 7 ✖ ← D ▲ √ ○ ○ ↑ ▲ ○ □ ✖ ✚ ▼ 4 ◙ 9 ◇ ☆ Z ♦ ‡ ✖ ◆ ✖ Ə ◆ ⊡
→ ◆ ○ N ÷ § ♦ Σ ¶ ⊡ ☆ ◒ ✖ 6 Ə 3 ✖ ↑ ≈ ✚ N ⊕ Y H × T ≈ F E T S ¶ ◐ ⊞ ÷ ⊗ ⊕ H ◒ ♦ ↓ ◘ ♦ ♠ √ ◐ ◆ S 9 5 D ≡ D ◆ ♣ ▲ ≈ Σ ⊞ N √ ★ ⊕ 6 ⊞ ◓ H 3 H ★
Ω ● ◐ ⊠ ◇ 3 Y Σ 3 F ♠ E ▼ ¤ ✚ □ ♥ ■ J ↓ Y A ◐ H ♥ K ◘ ± ▲ 8 Σ Ω D H 4 9 ◇ D ↑ ◑ ⊕ ◘ ♣ ▼ ♣ E N ⊡ ● ♣ ≡ □ ◐ ☆ Ω 7 ▼ K J Ə 3 ♠ D 7 9 ★ S ÷ J E
8 ♠ 3 8 J D ♥ § ± ♦ ♣ 4 ◐ ◙ ✖ § ★ K ⊠ → 5 K ■ ↓ § 6 ◒ □ ± ● 8 S ⊡ ← ☆ 9 □ ○ T 8 S 5 ◓ 9 T N ⊡ K ∆ ◑ E Ə ◙ → A ¤ Y ⊕ ■ ♥ ◓ § ◙ Ə ↓ Σ ◒ H † F
K Ə ⊡ † 6 T ◇ † † 8 ◆ ✖ √ Y ○ 7 Z ‡ ◇ E H J S ⊡ ‡ 6 □ S ¤ ◆ ∆ ● ↓ ≡ ◒ K H ≡ ♠ ◓ ⊕ × K ∆ ∆ ✖ ↓ ‡ ◐ ⊕ K ◑ 9 Ω ◐ ¤ 7 ⊠ Z ◇ J § ¤ ↑ F 3 □ ≈ Ω 8
◆ Y ◒ ÷ → ♠ ◐ ◓ ● J ◆ ÷ K ∞ F ★ ♠ ● ↑ ∆ ◆ † ♥ ♠ × ⊞ ∞ Σ N ★ E Y ⊞ ◘ ‡ ■ F ◒ ◘ ◓ ÷ H ◘ ○ ▲ Ə Y 4 ♣ ± ■ ◐ ◐ ○ ☆ ≡ D ≈ J Σ Y □ ⊞ S ◘ Y 5 ◐ 3 E
Y ● ♠ 9 ← ⊡ ‡ ∆ E ♦ ▲ F ▼ Σ Ω ⊗ □ N K ♣ § ‡ ∆ ♥ ♥ ↓ ◘ 7 Σ ⊞ ⊡ Ω ◇ ← ✖ 8 ☆ ▼ × 6 ¶ ◘ A 4 ▼ ∞ S D ◆ ☆ ¤ ★ § 6 ✖ ✖ 5 ¤ H H ‡ ◑ ✚ ⊕ ★ ♦ ◐ Z D ¤
§ ◆ ★ ⊕ ⊠ ⊕ ◙ □ ≈ → 4 ≈ ¤ Σ ‡ × ÷ T F ≈ ♣ ⊗ 8 8 ⊞ Z ◘ 8 √ ◑ ◐ ♠ ▼ ✖ ¤ × □ ✚ Σ † ▲ ◐ ☆ ◒ ◑ 6 ∞ N D ↑ 9 ⊡ S ∆ Ω H ✚ E ↓ ◐ ♣ 4 ◇ † → ◆ ◑ ◒ ★ ⊞
Ω ± ◙ ◆ ▼ 7 ¤ ◙ D ↑ ◒ × ✚ ◑ ◒ ⊕ ▼ ≡ ◒ Y ◆ ¶ ♦ ■ ○ Y ⊗ ◐ ∞ ⊡ Σ 9 ≈ □ ♥ ☆ ◘ ± ♥ ÷ ↑ ◆ ▲ 7 ✚ ↑ E ♥ ‡ ◐ ← ◘ ✖ Ω Y ‡ 4 ≈ T ◐ F → ○ ⊠ F □ ▼ 8 A ○
F ■ Ə ⊞ T K § 7 Ə Ə ⊞ 3 E H 7 S ⊠ × H ≈ ÷ 5 ◇ □ ← J 5 → 9 ◑ Ω † ⊠ ↓ ⊕ √ N 5 § ¤ ◑ ▲ ¶ T ◆ 8 F ⊕ § ● ◒ 6 ⊞ ★ J E □ ✖ ▲ Z ▲ ¤ E T × ◘ J Σ × 3
